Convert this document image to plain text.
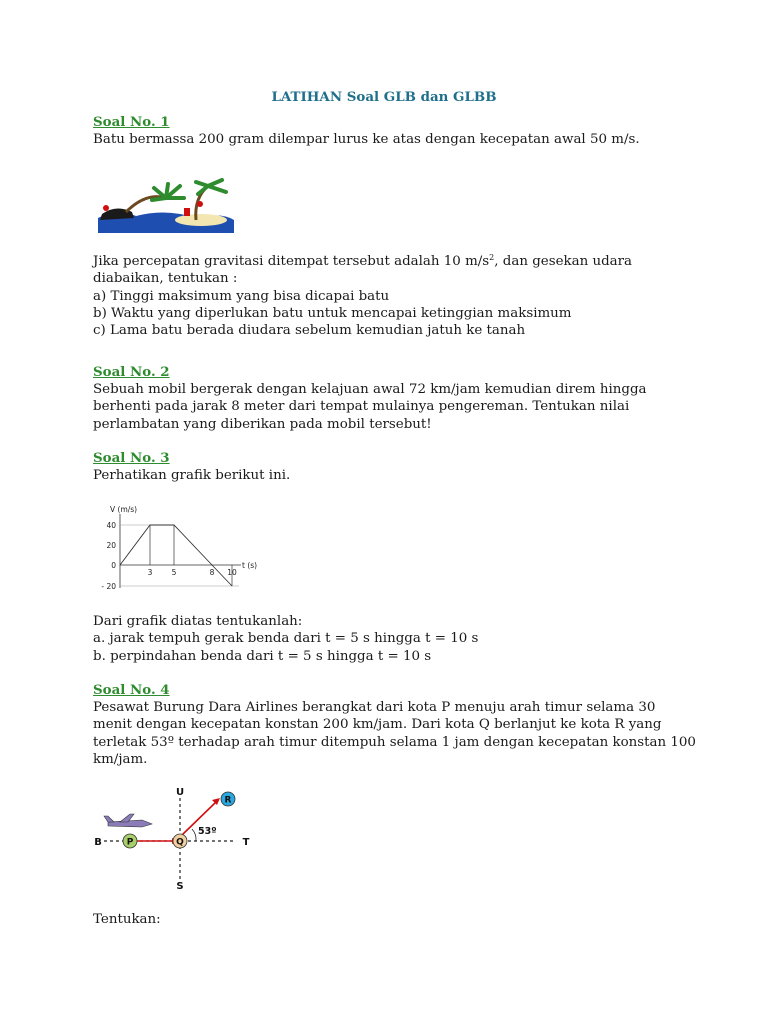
LATIHAN Soal GLB dan GLBB
Soal No. 1

Batu bermassa 200 gram dilempar lurus ke atas dengan kecepatan awal 50 m/s.

Jika percepatan gravitasi ditempat tersebut adalah 10 $m/s^2$, dan gesekan udara

diabaikan, tentukan :

a) Tinggi maksimum yang bisa dicapai batu

b) Waktu yang diperlukan batu untuk mencapai ketinggian maksimum

c) Lama batu berada diudara sebelum kemudian jatuh ke tanah

Soal No. 2

Sebuah mobil bergerak dengan kelajuan awal 72 km/jam kemudian direm hingga

berhenti pada jarak 8 meter dari tempat mulainya pengereman. Tentukan nilai

perlambatan yang diberikan pada mobil tersebut!

Soal No. 3

Perhatikan grafik berikut ini.

V (m/s)
t (s)
40
20
0
- 20
3	5	8 10

Dari grafik diatas tentukanlah:

a. jarak tempuh gerak benda dari t = 5 s hingga t = 10 s

b. perpindahan benda dari t = 5 s hingga t = 10 s

Soal No. 4

Pesawat Burung Dara Airlines berangkat dari kota P menuju arah timur selama 30

menit dengan kecepatan konstan 200 km/jam. Dari kota Q berlanjut ke kota R yang

terletak 53º terhadap arah timur ditempuh selama 1 jam dengan kecepatan konstan 100

km/jam.

U
S
B	T
53º
P	Q
R

Tentukan:
